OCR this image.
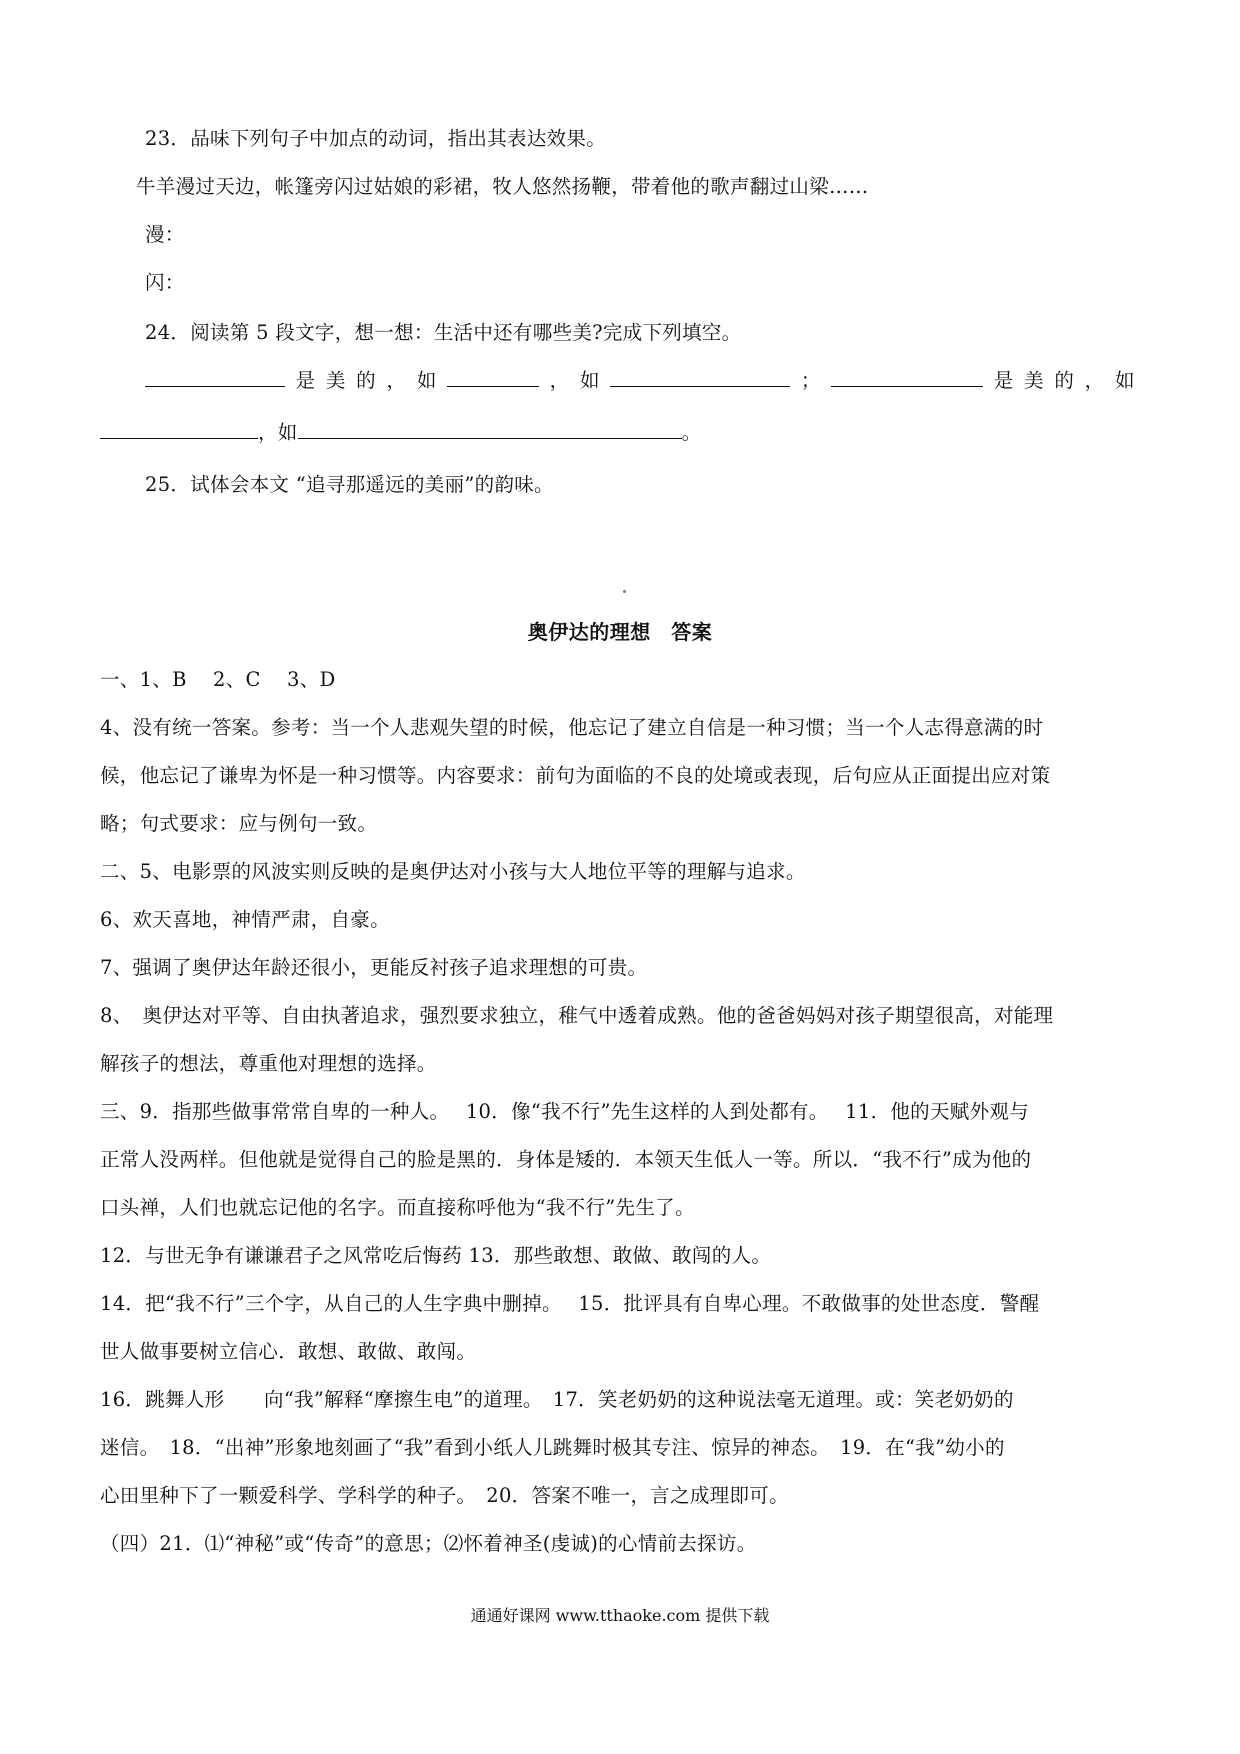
23．品味下列句子中加点的动词，指出其表达效果。
牛羊漫过天边，帐篷旁闪过姑娘的彩裙，牧人悠然扬鞭，带着他的歌声翻过山梁……
漫：
闪：
24．阅读第 5 段文字，想一想：生活中还有哪些美?完成下列填空。
是 美 的 ， 如	， 如	；	是 美 的 ， 如
，如	。
25．试体会本文 “追寻那遥远的美丽”的韵味。
奥伊达的理想　答案
一、1、B　 2、C　 3、D
4、没有统一答案。参考：当一个人悲观失望的时候，他忘记了建立自信是一种习惯；当一个人志得意满的时
候，他忘记了谦卑为怀是一种习惯等。内容要求：前句为面临的不良的处境或表现，后句应从正面提出应对策
略；句式要求：应与例句一致。
二、5、电影票的风波实则反映的是奥伊达对小孩与大人地位平等的理解与追求。
6、欢天喜地，神情严肃，自豪。
7、强调了奥伊达年龄还很小，更能反衬孩子追求理想的可贵。
8、　奥伊达对平等、自由执著追求，强烈要求独立，稚气中透着成熟。他的爸爸妈妈对孩子期望很高，对能理
解孩子的想法，尊重他对理想的选择。
三、9．指那些做事常常自卑的一种人。　 10．像“我不行”先生这样的人到处都有。　 11．他的天赋外观与
正常人没两样。但他就是觉得自己的脸是黑的．身体是矮的．本领天生低人一等。所以．“我不行”成为他的
口头禅，人们也就忘记他的名字。而直接称呼他为“我不行”先生了。
12．与世无争有谦谦君子之风常吃后悔药 13．那些敢想、敢做、敢闯的人。
14．把“我不行”三个字，从自己的人生字典中删掉。　 15．批评具有自卑心理。不敢做事的处世态度．警醒
世人做事要树立信心．敢想、敢做、敢闯。
16．跳舞人形　　向“我”解释“摩擦生电”的道理。　17．笑老奶奶的这种说法毫无道理。或：笑老奶奶的
迷信。　18．“出神”形象地刻画了“我”看到小纸人儿跳舞时极其专注、惊异的神态。　19．在“我”幼小的
心田里种下了一颗爱科学、学科学的种子。　20．答案不唯一，言之成理即可。
（四）21．⑴“神秘”或“传奇”的意思；⑵怀着神圣(虔诚)的心情前去探访。
通通好课网 www.tthaoke.com 提供下载
